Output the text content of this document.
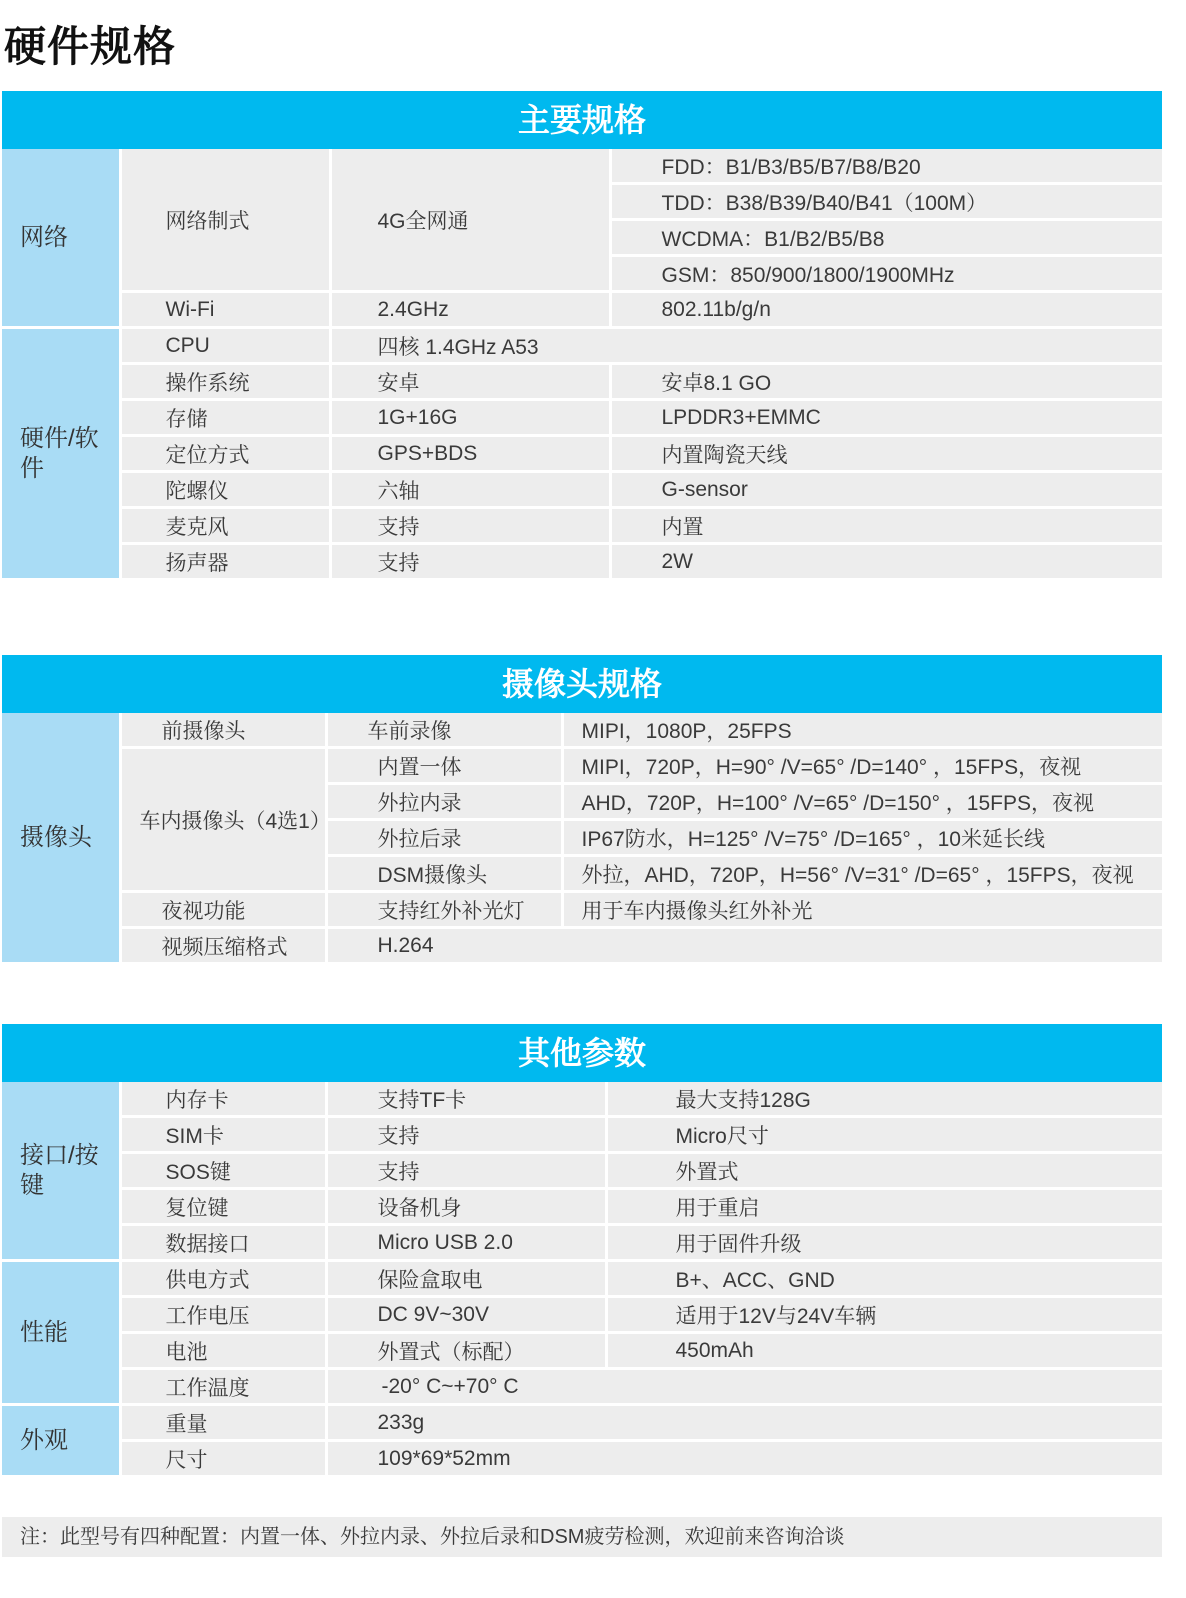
硬件规格
主要规格
网络	网络制式	4G全网通	FDD：B1/B3/B5/B7/B8/B20
			TDD：B38/B39/B40/B41（100M）
			WCDMA：B1/B2/B5/B8
			GSM：850/900/1800/1900MHz
	Wi-Fi	2.4GHz	802.11b/g/n
硬件/软件	CPU	四核 1.4GHz A53	
	操作系统	安卓	安卓8.1 GO
	存储	1G+16G	LPDDR3+EMMC
	定位方式	GPS+BDS	内置陶瓷天线
	陀螺仪	六轴	G-sensor
	麦克风	支持	内置
	扬声器	支持	2W
摄像头规格
摄像头	前摄像头	车前录像	MIPI，1080P，25FPS
	车内摄像头（4选1）	内置一体	MIPI，720P，H=90° /V=65° /D=140° ，15FPS，夜视
		外拉内录	AHD，720P，H=100° /V=65° /D=150° ，15FPS，夜视
		外拉后录	IP67防水，H=125° /V=75° /D=165° ，10米延长线
		DSM摄像头	外拉，AHD，720P，H=56° /V=31° /D=65° ，15FPS，夜视
	夜视功能	支持红外补光灯	用于车内摄像头红外补光
	视频压缩格式	H.264	
其他参数
接口/按键	内存卡	支持TF卡	最大支持128G
	SIM卡	支持	Micro尺寸
	SOS键	支持	外置式
	复位键	设备机身	用于重启
	数据接口	Micro USB 2.0	用于固件升级
性能	供电方式	保险盒取电	B+、ACC、GND
	工作电压	DC 9V~30V	适用于12V与24V车辆
	电池	外置式（标配）	450mAh
	工作温度	-20° C~+70° C	
外观	重量	233g	
	尺寸	109*69*52mm	
注：此型号有四种配置：内置一体、外拉内录、外拉后录和DSM疲劳检测，欢迎前来咨询洽谈
